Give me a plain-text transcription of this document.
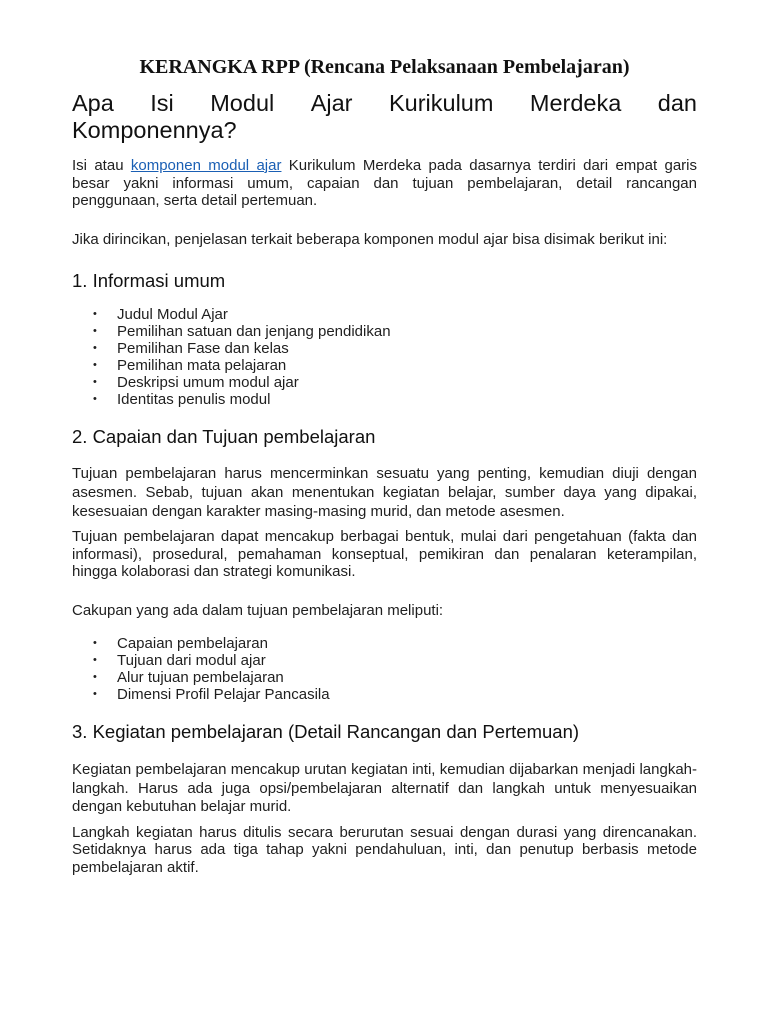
KERANGKA RPP (Rencana Pelaksanaan Pembelajaran)
Apa Isi Modul Ajar Kurikulum Merdeka dan
Komponennya?

Isi atau komponen modul ajar Kurikulum Merdeka pada dasarnya terdiri dari empat garis besar yakni informasi umum, capaian dan tujuan pembelajaran, detail rancangan penggunaan, serta detail pertemuan.

Jika dirincikan, penjelasan terkait beberapa komponen modul ajar bisa disimak berikut ini:

1. Informasi umum
• Judul Modul Ajar
• Pemilihan satuan dan jenjang pendidikan
• Pemilihan Fase dan kelas
• Pemilihan mata pelajaran
• Deskripsi umum modul ajar
• Identitas penulis modul
2. Capaian dan Tujuan pembelajaran

Tujuan pembelajaran harus mencerminkan sesuatu yang penting, kemudian diuji dengan asesmen. Sebab, tujuan akan menentukan kegiatan belajar, sumber daya yang dipakai, kesesuaian dengan karakter masing-masing murid, dan metode asesmen.

Tujuan pembelajaran dapat mencakup berbagai bentuk, mulai dari pengetahuan (fakta dan informasi), prosedural, pemahaman konseptual, pemikiran dan penalaran keterampilan, hingga kolaborasi dan strategi komunikasi.

Cakupan yang ada dalam tujuan pembelajaran meliputi:

• Capaian pembelajaran
• Tujuan dari modul ajar
• Alur tujuan pembelajaran
• Dimensi Profil Pelajar Pancasila
3. Kegiatan pembelajaran (Detail Rancangan dan Pertemuan)

Kegiatan pembelajaran mencakup urutan kegiatan inti, kemudian dijabarkan menjadi langkah-langkah. Harus ada juga opsi/pembelajaran alternatif dan langkah untuk menyesuaikan dengan kebutuhan belajar murid.

Langkah kegiatan harus ditulis secara berurutan sesuai dengan durasi yang direncanakan. Setidaknya harus ada tiga tahap yakni pendahuluan, inti, dan penutup berbasis metode pembelajaran aktif.
